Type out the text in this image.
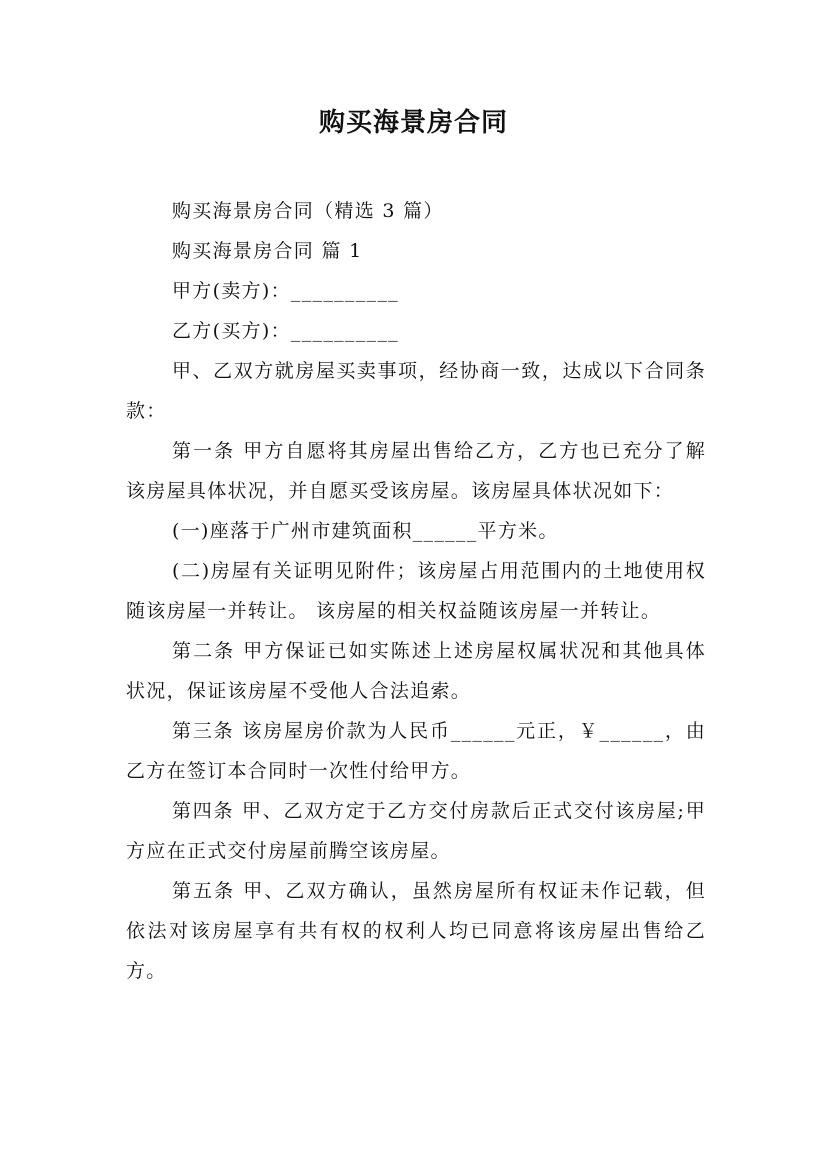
购买海景房合同

购买海景房合同（精选 3 篇）

购买海景房合同 篇 1

甲方(卖方)：__________

乙方(买方)：__________

甲、乙双方就房屋买卖事项，经协商一致，达成以下合同条款：

第一条 甲方自愿将其房屋出售给乙方，乙方也已充分了解该房屋具体状况，并自愿买受该房屋。该房屋具体状况如下：

(一)座落于广州市建筑面积______平方米。

(二)房屋有关证明见附件；该房屋占用范围内的土地使用权随该房屋一并转让。 该房屋的相关权益随该房屋一并转让。

第二条 甲方保证已如实陈述上述房屋权属状况和其他具体状况，保证该房屋不受他人合法追索。

第三条 该房屋房价款为人民币______元正，￥______，由乙方在签订本合同时一次性付给甲方。

第四条 甲、乙双方定于乙方交付房款后正式交付该房屋;甲方应在正式交付房屋前腾空该房屋。

第五条 甲、乙双方确认，虽然房屋所有权证未作记载，但依法对该房屋享有共有权的权利人均已同意将该房屋出售给乙方。
